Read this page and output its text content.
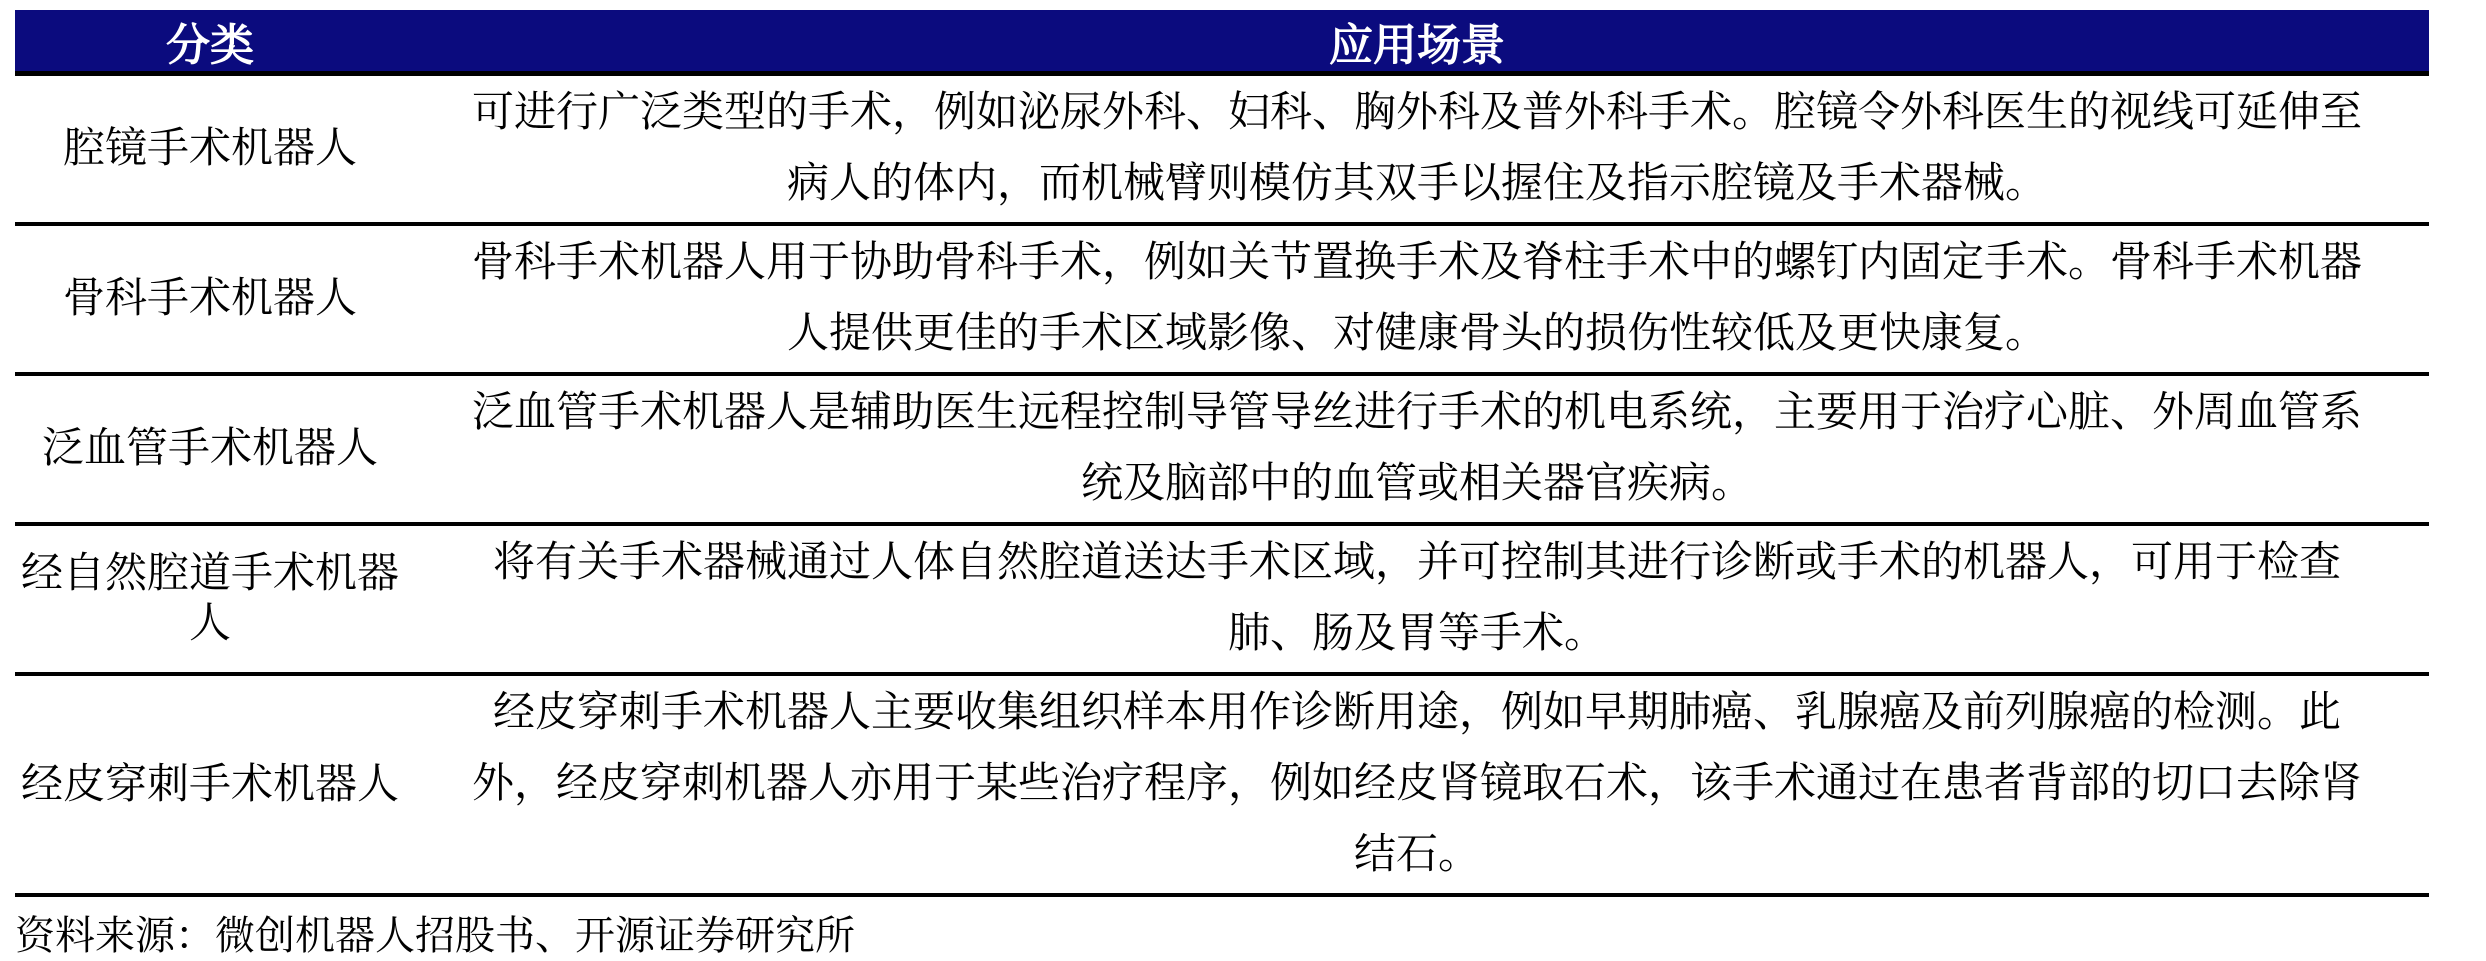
分类	应用场景
腔镜手术机器人
可进行广泛类型的手术，例如泌尿外科、妇科、胸外科及普外科手术。腔镜令外科医生的视线可延伸至
病人的体内，而机械臂则模仿其双手以握住及指示腔镜及手术器械。
骨科手术机器人
骨科手术机器人用于协助骨科手术，例如关节置换手术及脊柱手术中的螺钉内固定手术。骨科手术机器
人提供更佳的手术区域影像、对健康骨头的损伤性较低及更快康复。
泛血管手术机器人
泛血管手术机器人是辅助医生远程控制导管导丝进行手术的机电系统，主要用于治疗心脏、外周血管系
统及脑部中的血管或相关器官疾病。
经自然腔道手术机器人
将有关手术器械通过人体自然腔道送达手术区域，并可控制其进行诊断或手术的机器人，可用于检查
肺、肠及胃等手术。
经皮穿刺手术机器人
经皮穿刺手术机器人主要收集组织样本用作诊断用途，例如早期肺癌、乳腺癌及前列腺癌的检测。此
外，经皮穿刺机器人亦用于某些治疗程序，例如经皮肾镜取石术，该手术通过在患者背部的切口去除肾
结石。
资料来源：微创机器人招股书、开源证券研究所
